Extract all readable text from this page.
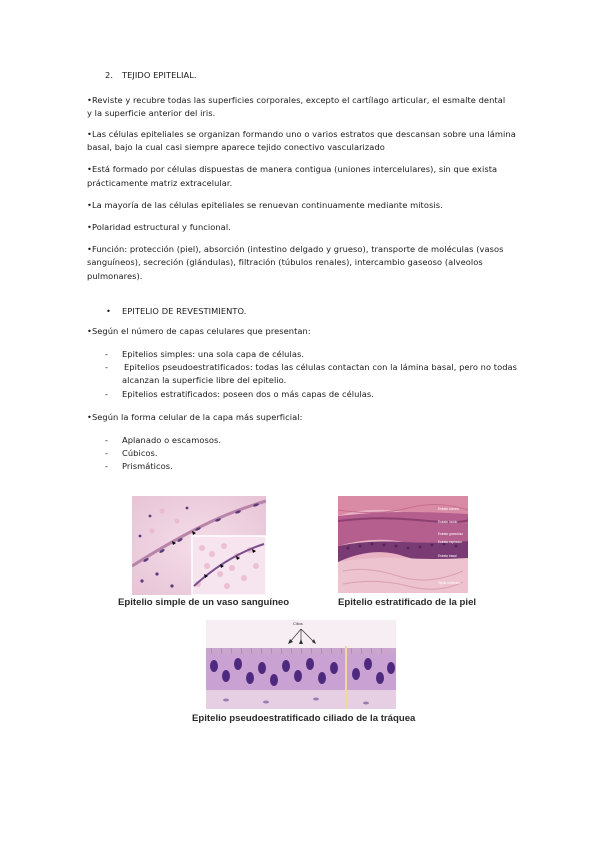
2. TEJIDO EPITELIAL.
•Reviste y recubre todas las superficies corporales, excepto el cartílago articular, el esmalte dental
y la superficie anterior del iris.
•Las células epiteliales se organizan formando uno o varios estratos que descansan sobre una lámina
basal, bajo la cual casi siempre aparece tejido conectivo vascularizado
•Está formado por células dispuestas de manera contigua (uniones intercelulares), sin que exista
prácticamente matriz extracelular.
•La mayoría de las células epiteliales se renuevan continuamente mediante mitosis.
•Polaridad estructural y funcional.
•Función: protección (piel), absorción (intestino delgado y grueso), transporte de moléculas (vasos
sanguíneos), secreción (glándulas), filtración (túbulos renales), intercambio gaseoso (alveolos
pulmonares).
• EPITELIO DE REVESTIMIENTO.
•Según el número de capas celulares que presentan:
- Epitelios simples: una sola capa de células.
- Epitelios pseudoestratificados: todas las células contactan con la lámina basal, pero no todas
alcanzan la superficie libre del epitelio.
- Epitelios estratificados: poseen dos o más capas de células.
•Según la forma celular de la capa más superficial:
- Aplanado o escamosos.
- Cúbicos.
- Prismáticos.
Epitelio simple de un vaso sanguíneo
Estrato córneo
Estrato lúcido
Estrato granuloso
Estrato espinoso
Estrato basal
Tejido conectivo
Epitelio estratificado de la piel
Cilios
Epitelio pseudoestratificado ciliado de la tráquea
